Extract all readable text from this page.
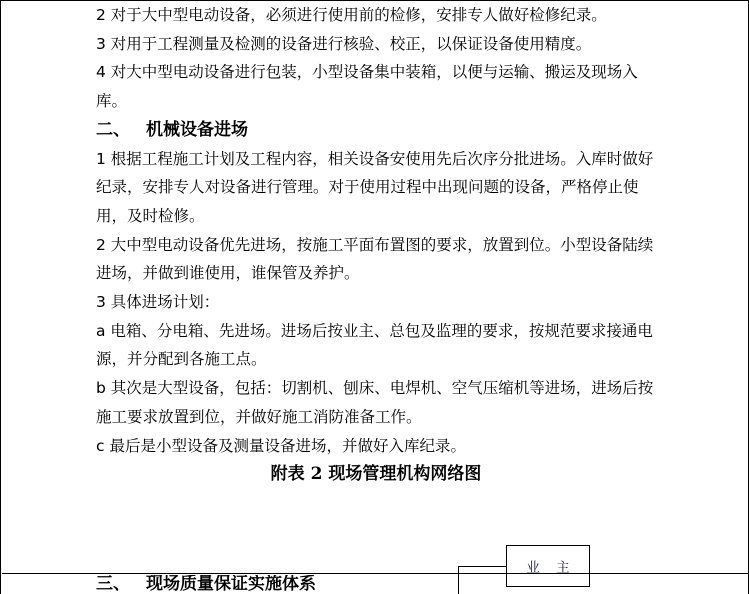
2 对于大中型电动设备，必须进行使用前的检修，安排专人做好检修纪录。
3 对用于工程测量及检测的设备进行核验、校正，以保证设备使用精度。
4 对大中型电动设备进行包装，小型设备集中装箱，以便与运输、搬运及现场入库。
二、 机械设备进场
1 根据工程施工计划及工程内容，相关设备安使用先后次序分批进场。入库时做好纪录，安排专人对设备进行管理。对于使用过程中出现问题的设备，严格停止使用，及时检修。
2 大中型电动设备优先进场，按施工平面布置图的要求，放置到位。小型设备陆续进场，并做到谁使用，谁保管及养护。
3 具体进场计划：
a 电箱、分电箱、先进场。进场后按业主、总包及监理的要求，按规范要求接通电源，并分配到各施工点。
b 其次是大型设备，包括：切割机、刨床、电焊机、空气压缩机等进场，进场后按施工要求放置到位，并做好施工消防准备工作。
c 最后是小型设备及测量设备进场，并做好入库纪录。
附表 2 现场管理机构网络图
业 主
三、 现场质量保证实施体系
